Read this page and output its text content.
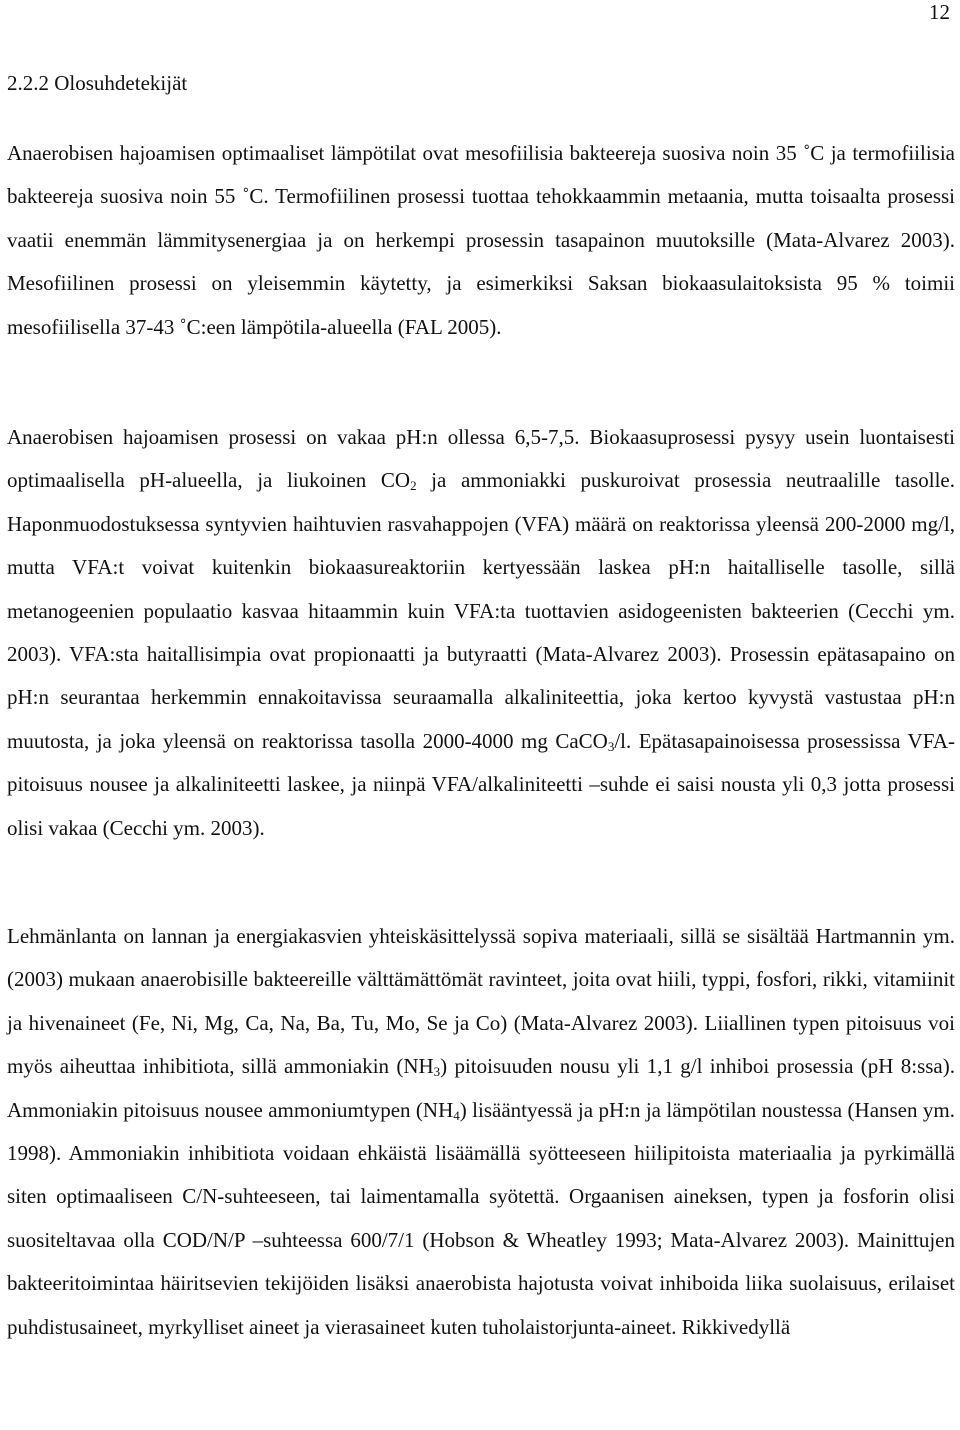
12
2.2.2 Olosuhdetekijät

Anaerobisen hajoamisen optimaaliset lämpötilat ovat mesofiilisia bakteereja suosiva noin 35 ˚C ja termofiilisia bakteereja suosiva noin 55 ˚C. Termofiilinen prosessi tuottaa tehokkaammin metaania, mutta toisaalta prosessi vaatii enemmän lämmitysenergiaa ja on herkempi prosessin tasapainon muutoksille (Mata-Alvarez 2003). Mesofiilinen prosessi on yleisemmin käytetty, ja esimerkiksi Saksan biokaasulaitoksista 95 % toimii mesofiilisella 37-43 ˚C:een lämpötila-alueella (FAL 2005).

Anaerobisen hajoamisen prosessi on vakaa pH:n ollessa 6,5-7,5. Biokaasuprosessi pysyy usein luontaisesti optimaalisella pH-alueella, ja liukoinen $CO_2$ ja ammoniakki puskuroivat prosessia neutraalille tasolle. Haponmuodostuksessa syntyvien haihtuvien rasvahappojen (VFA) määrä on reaktorissa yleensä 200-2000 mg/l, mutta VFA:t voivat kuitenkin biokaasureaktoriin kertyessään laskea pH:n haitalliselle tasolle, sillä metanogeenien populaatio kasvaa hitaammin kuin VFA:ta tuottavien asidogeenisten bakteerien (Cecchi ym. 2003). VFA:sta haitallisimpia ovat propionaatti ja butyraatti (Mata-Alvarez 2003). Prosessin epätasapaino on pH:n seurantaa herkemmin ennakoitavissa seuraamalla alkaliniteettia, joka kertoo kyvystä vastustaa pH:n muutosta, ja joka yleensä on reaktorissa tasolla 2000-4000 mg CaCO$_3$/l. Epätasapainoisessa prosessissa VFA-pitoisuus nousee ja alkaliniteetti laskee, ja niinpä VFA/alkaliniteetti –suhde ei saisi nousta yli 0,3 jotta prosessi olisi vakaa (Cecchi ym. 2003).

Lehmänlanta on lannan ja energiakasvien yhteiskäsittelyssä sopiva materiaali, sillä se sisältää Hartmannin ym. (2003) mukaan anaerobisille bakteereille välttämättömät ravinteet, joita ovat hiili, typpi, fosfori, rikki, vitamiinit ja hivenaineet (Fe, Ni, Mg, Ca, Na, Ba, Tu, Mo, Se ja Co) (Mata-Alvarez 2003). Liiallinen typen pitoisuus voi myös aiheuttaa inhibitiota, sillä ammoniakin $(NH_3)$ pitoisuuden nousu yli 1,1 g/l inhiboi prosessia (pH 8:ssa). Ammoniakin pitoisuus nousee ammoniumtypen $(NH_4)$ lisääntyessä ja pH:n ja lämpötilan noustessa (Hansen ym. 1998). Ammoniakin inhibitiota voidaan ehkäistä lisäämällä syötteeseen hiilipitoista materiaalia ja pyrkimällä siten optimaaliseen C/N-suhteeseen, tai laimentamalla syötettä. Orgaanisen aineksen, typen ja fosforin olisi suositeltavaa olla COD/N/P –suhteessa 600/7/1 (Hobson & Wheatley 1993; Mata-Alvarez 2003). Mainittujen bakteeritoimintaa häiritsevien tekijöiden lisäksi anaerobista hajotusta voivat inhiboida liika suolaisuus, erilaiset puhdistusaineet, myrkylliset aineet ja vierasaineet kuten tuholaistorjunta-aineet. Rikkivedyllä
